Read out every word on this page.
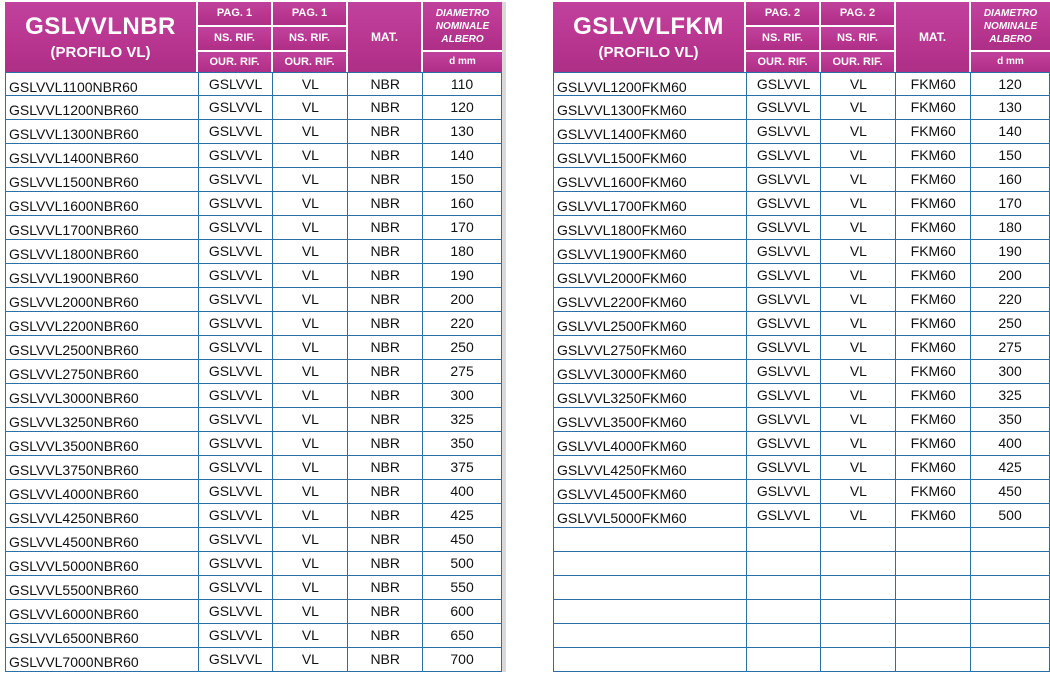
GSLVVLNBR
(PROFILO VL)
PAG. 1	PAG. 1
NS. RIF.	NS. RIF.
OUR. RIF.	OUR. RIF.
MAT.
DIAMETRO
NOMINALE
ALBERO
d mm
GSLVVL1100NBR60	GSLVVL	VL	NBR	110
GSLVVL1200NBR60	GSLVVL	VL	NBR	120
GSLVVL1300NBR60	GSLVVL	VL	NBR	130
GSLVVL1400NBR60	GSLVVL	VL	NBR	140
GSLVVL1500NBR60	GSLVVL	VL	NBR	150
GSLVVL1600NBR60	GSLVVL	VL	NBR	160
GSLVVL1700NBR60	GSLVVL	VL	NBR	170
GSLVVL1800NBR60	GSLVVL	VL	NBR	180
GSLVVL1900NBR60	GSLVVL	VL	NBR	190
GSLVVL2000NBR60	GSLVVL	VL	NBR	200
GSLVVL2200NBR60	GSLVVL	VL	NBR	220
GSLVVL2500NBR60	GSLVVL	VL	NBR	250
GSLVVL2750NBR60	GSLVVL	VL	NBR	275
GSLVVL3000NBR60	GSLVVL	VL	NBR	300
GSLVVL3250NBR60	GSLVVL	VL	NBR	325
GSLVVL3500NBR60	GSLVVL	VL	NBR	350
GSLVVL3750NBR60	GSLVVL	VL	NBR	375
GSLVVL4000NBR60	GSLVVL	VL	NBR	400
GSLVVL4250NBR60	GSLVVL	VL	NBR	425
GSLVVL4500NBR60	GSLVVL	VL	NBR	450
GSLVVL5000NBR60	GSLVVL	VL	NBR	500
GSLVVL5500NBR60	GSLVVL	VL	NBR	550
GSLVVL6000NBR60	GSLVVL	VL	NBR	600
GSLVVL6500NBR60	GSLVVL	VL	NBR	650
GSLVVL7000NBR60	GSLVVL	VL	NBR	700
GSLVVLFKM
(PROFILO VL)
PAG. 2	PAG. 2
NS. RIF.	NS. RIF.
OUR. RIF.	OUR. RIF.
MAT.
DIAMETRO
NOMINALE
ALBERO
d mm
GSLVVL1200FKM60	GSLVVL	VL	FKM60	120
GSLVVL1300FKM60	GSLVVL	VL	FKM60	130
GSLVVL1400FKM60	GSLVVL	VL	FKM60	140
GSLVVL1500FKM60	GSLVVL	VL	FKM60	150
GSLVVL1600FKM60	GSLVVL	VL	FKM60	160
GSLVVL1700FKM60	GSLVVL	VL	FKM60	170
GSLVVL1800FKM60	GSLVVL	VL	FKM60	180
GSLVVL1900FKM60	GSLVVL	VL	FKM60	190
GSLVVL2000FKM60	GSLVVL	VL	FKM60	200
GSLVVL2200FKM60	GSLVVL	VL	FKM60	220
GSLVVL2500FKM60	GSLVVL	VL	FKM60	250
GSLVVL2750FKM60	GSLVVL	VL	FKM60	275
GSLVVL3000FKM60	GSLVVL	VL	FKM60	300
GSLVVL3250FKM60	GSLVVL	VL	FKM60	325
GSLVVL3500FKM60	GSLVVL	VL	FKM60	350
GSLVVL4000FKM60	GSLVVL	VL	FKM60	400
GSLVVL4250FKM60	GSLVVL	VL	FKM60	425
GSLVVL4500FKM60	GSLVVL	VL	FKM60	450
GSLVVL5000FKM60	GSLVVL	VL	FKM60	500
